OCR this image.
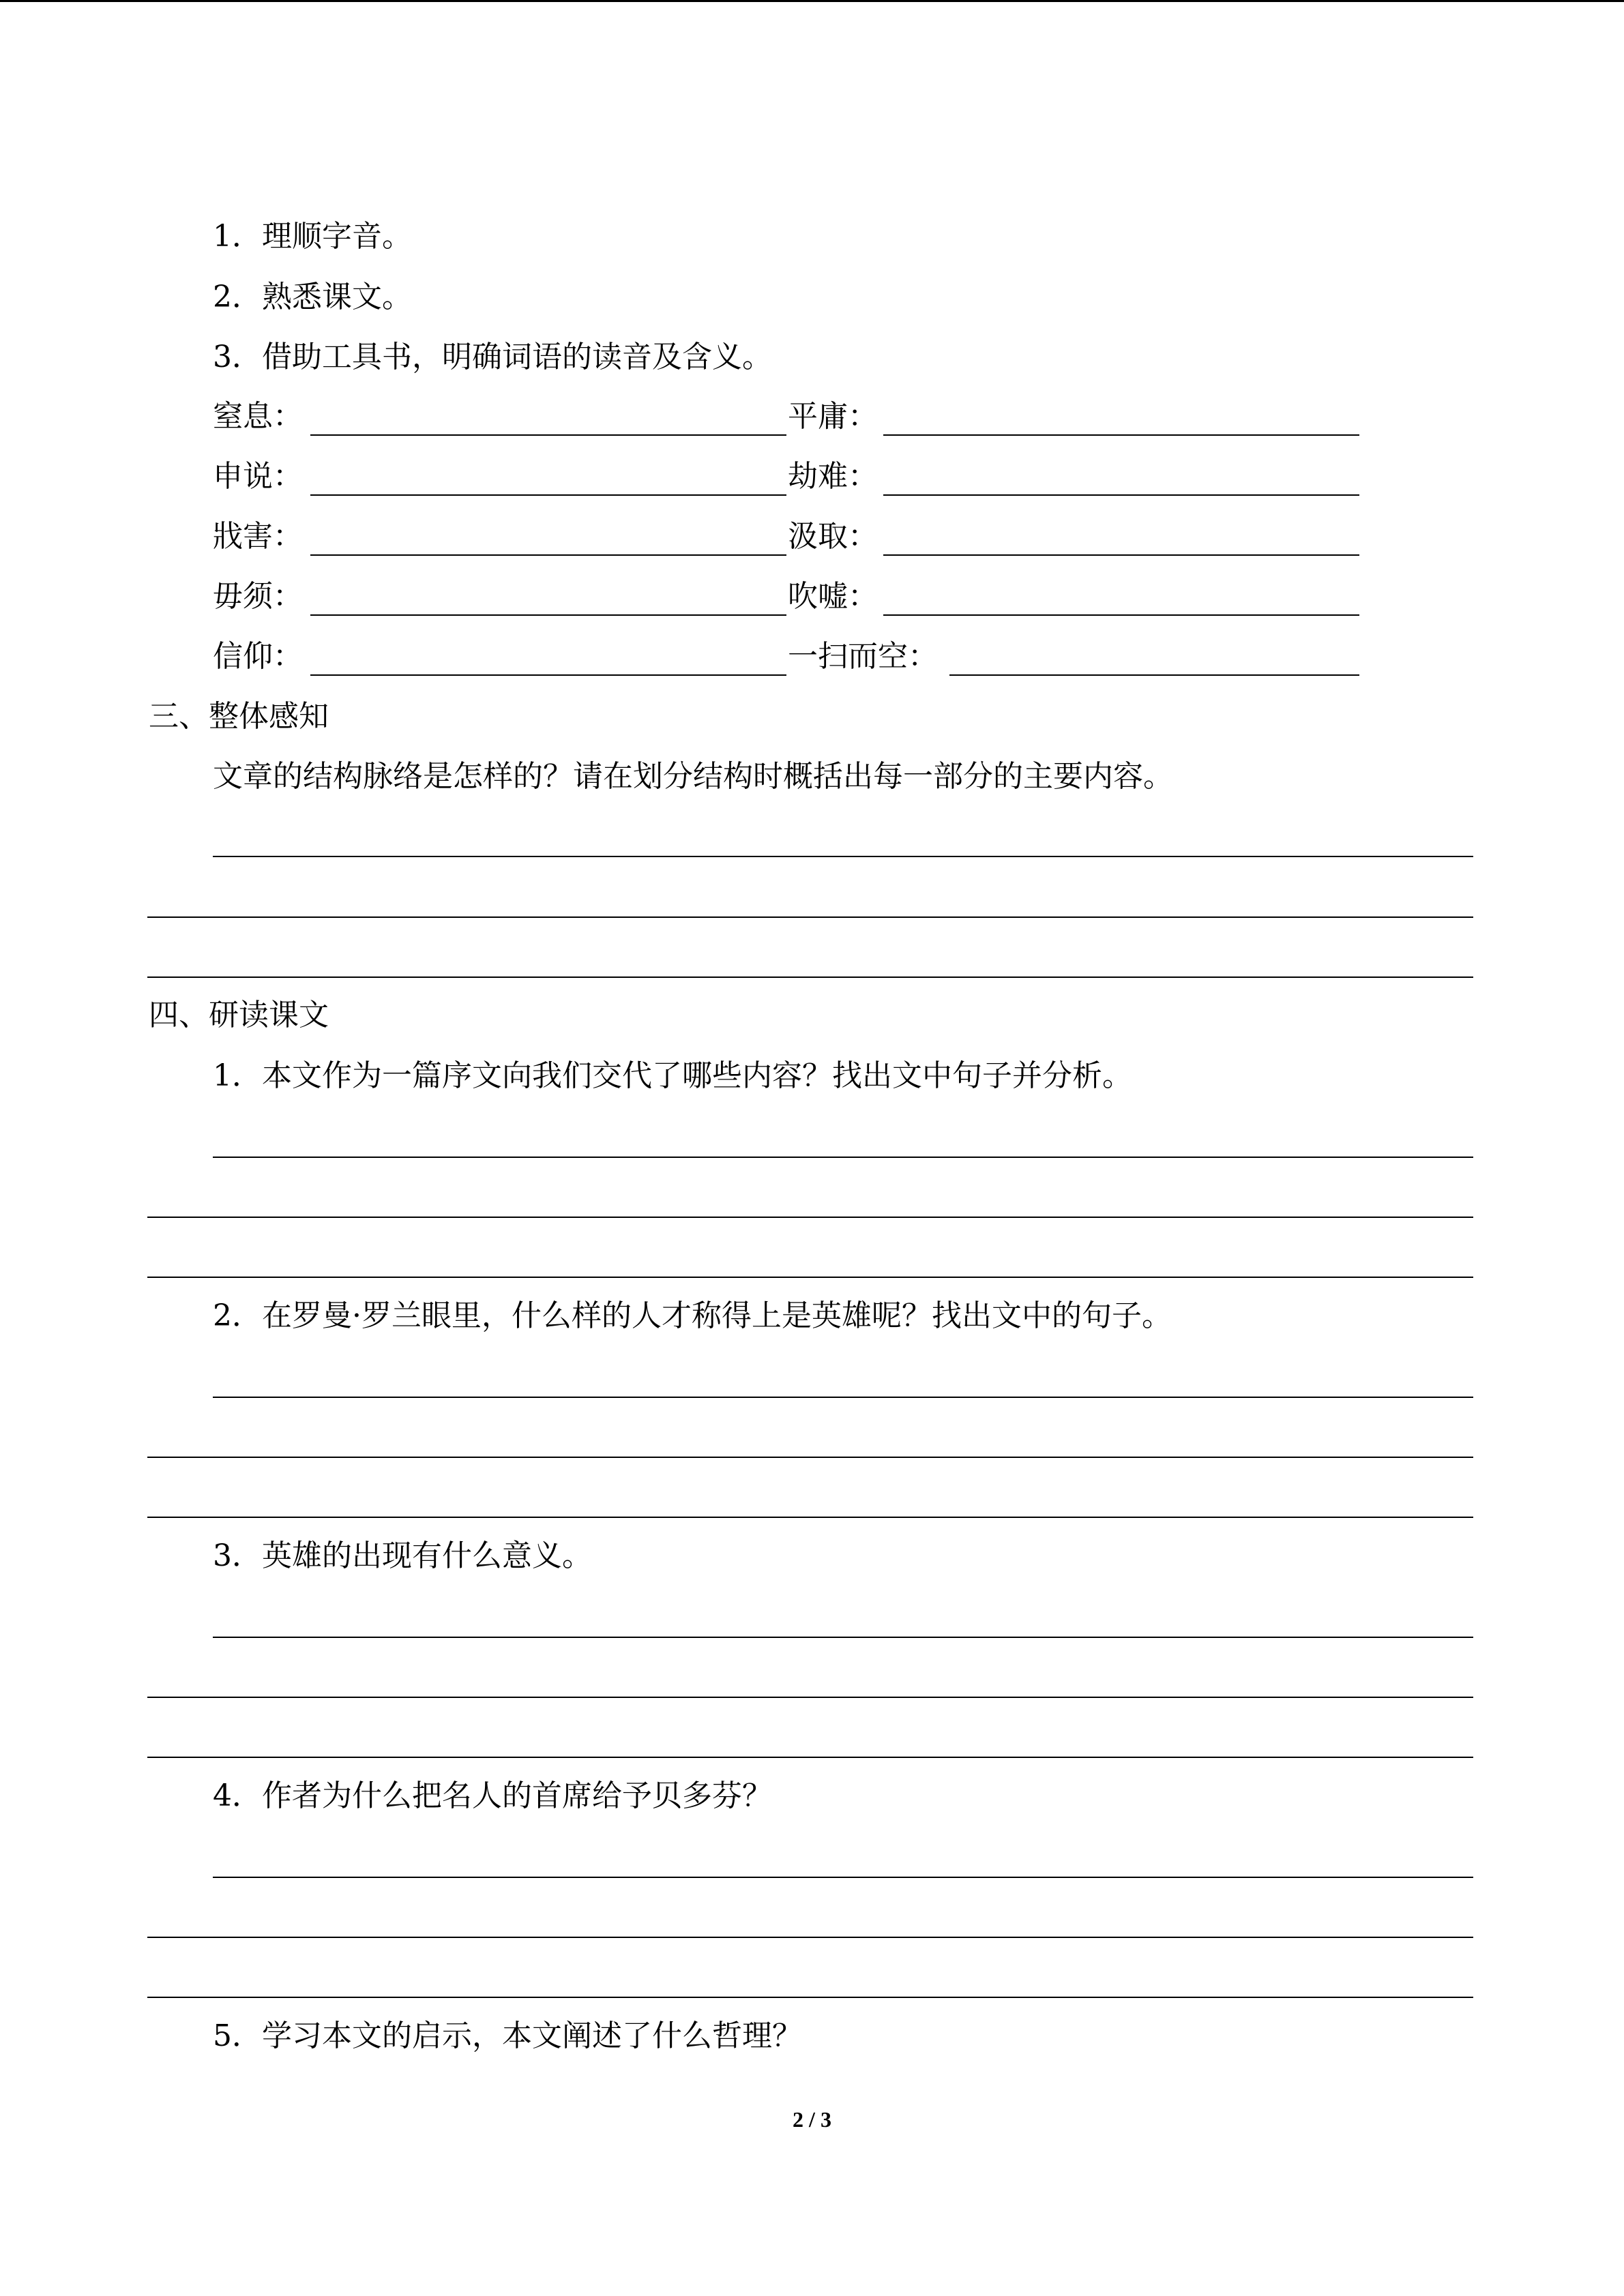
1．理顺字音。
2．熟悉课文。
3．借助工具书，明确词语的读音及含义。
窒息：	平庸：
申说：	劫难：
戕害：	汲取：
毋须：	吹嘘：
信仰：	一扫而空：
三、整体感知
文章的结构脉络是怎样的？请在划分结构时概括出每一部分的主要内容。
四、研读课文
1．本文作为一篇序文向我们交代了哪些内容？找出文中句子并分析。
2．在罗曼·罗兰眼里，什么样的人才称得上是英雄呢？找出文中的句子。
3．英雄的出现有什么意义。
4．作者为什么把名人的首席给予贝多芬？
5．学习本文的启示，本文阐述了什么哲理？
2 / 3
